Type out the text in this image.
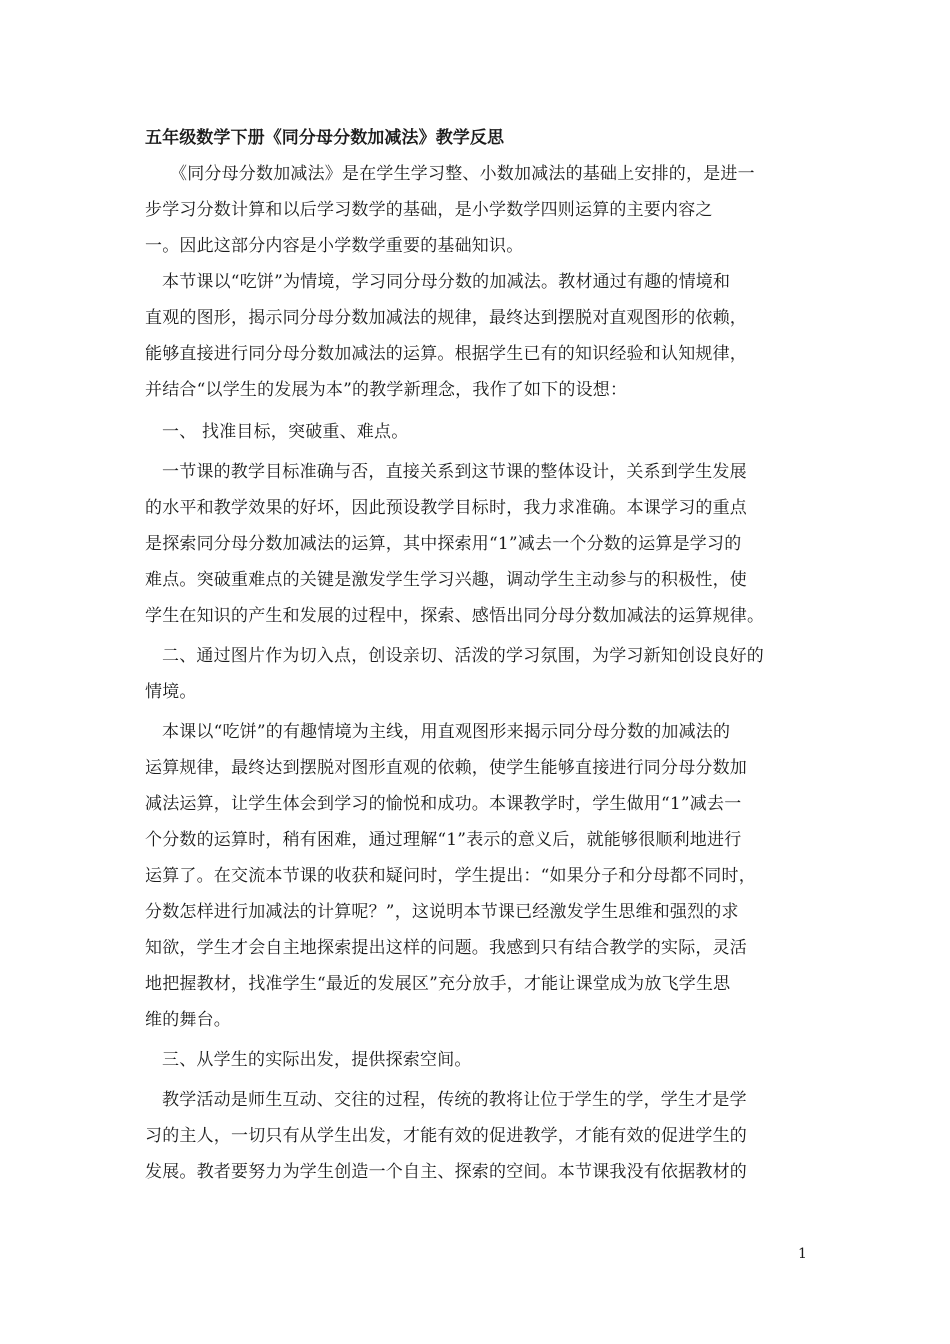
五年级数学下册《同分母分数加减法》教学反思
《同分母分数加减法》是在学生学习整、小数加减法的基础上安排的，是进一
步学习分数计算和以后学习数学的基础，是小学数学四则运算的主要内容之
一。因此这部分内容是小学数学重要的基础知识。
本节课以“吃饼”为情境，学习同分母分数的加减法。教材通过有趣的情境和
直观的图形，揭示同分母分数加减法的规律，最终达到摆脱对直观图形的依赖，
能够直接进行同分母分数加减法的运算。根据学生已有的知识经验和认知规律，
并结合“以学生的发展为本”的教学新理念，我作了如下的设想：
一、 找准目标，突破重、难点。
一节课的教学目标准确与否，直接关系到这节课的整体设计，关系到学生发展
的水平和教学效果的好坏，因此预设教学目标时，我力求准确。本课学习的重点
是探索同分母分数加减法的运算，其中探索用“1”减去一个分数的运算是学习的
难点。突破重难点的关键是激发学生学习兴趣，调动学生主动参与的积极性，使
学生在知识的产生和发展的过程中，探索、感悟出同分母分数加减法的运算规律。
二、通过图片作为切入点，创设亲切、活泼的学习氛围，为学习新知创设良好的
情境。
本课以“吃饼”的有趣情境为主线，用直观图形来揭示同分母分数的加减法的
运算规律，最终达到摆脱对图形直观的依赖，使学生能够直接进行同分母分数加
减法运算，让学生体会到学习的愉悦和成功。本课教学时，学生做用“1”减去一
个分数的运算时，稍有困难，通过理解“1”表示的意义后，就能够很顺利地进行
运算了。在交流本节课的收获和疑问时，学生提出：“如果分子和分母都不同时，
分数怎样进行加减法的计算呢？”，这说明本节课已经激发学生思维和强烈的求
知欲，学生才会自主地探索提出这样的问题。我感到只有结合教学的实际，灵活
地把握教材，找准学生“最近的发展区”充分放手，才能让课堂成为放飞学生思
维的舞台。
三、从学生的实际出发，提供探索空间。
教学活动是师生互动、交往的过程，传统的教将让位于学生的学，学生才是学
习的主人，一切只有从学生出发，才能有效的促进教学，才能有效的促进学生的
发展。教者要努力为学生创造一个自主、探索的空间。本节课我没有依据教材的
1
